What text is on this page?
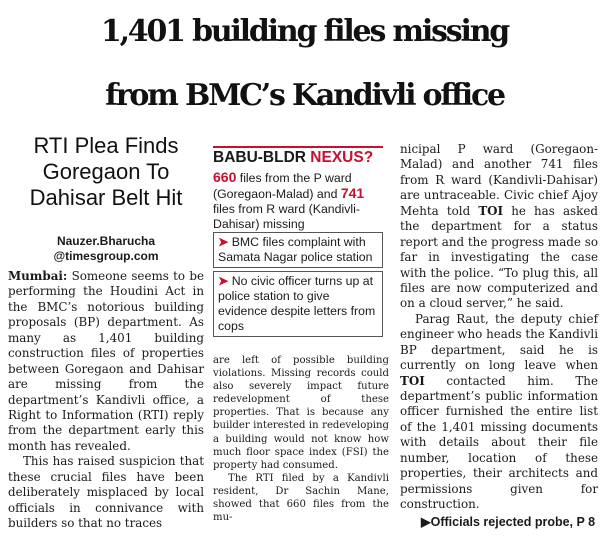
1,401 building files missing
from BMC’s Kandivli office
RTI Plea Finds
Goregaon To
Dahisar Belt Hit
Nauzer.Bharucha
@timesgroup.com

Mumbai: Someone seems to be performing the Houdini Act in the BMC’s notorious building proposals (BP) department. As many as 1,401 building construction files of properties between Goregaon and Dahisar are missing from the department’s Kandivli office, a Right to Information (RTI) reply from the department early this month has revealed.

This has raised suspicion that these crucial files have been deliberately misplaced by local officials in connivance with builders so that no traces

BABU-BLDR NEXUS?
660 files from the P ward (Goregaon-Malad) and 741 files from R ward (Kandivli-Dahisar) missing
➤ BMC files complaint with Samata Nagar police station
➤ No civic officer turns up at police station to give evidence despite letters from cops

are left of possible building violations. Missing records could also severely impact future redevelopment of these properties. That is because any builder interested in redeveloping a building would not know how much floor space index (FSI) the property had consumed.

The RTI filed by a Kandivli resident, Dr Sachin Mane, showed that 660 files from the mu-

nicipal P ward (Goregaon-Malad) and another 741 files from R ward (Kandivli-Dahisar) are untraceable. Civic chief Ajoy Mehta told TOI he has asked the department for a status report and the progress made so far in investigating the case with the police. “To plug this, all files are now computerized and on a cloud server,” he said.

Parag Raut, the deputy chief engineer who heads the Kandivli BP department, said he is currently on long leave when TOI contacted him. The department’s public information officer furnished the entire list of the 1,401 missing documents with details about their file number, location of these properties, their architects and permissions given for construction.

▶Officials rejected probe, P 8
